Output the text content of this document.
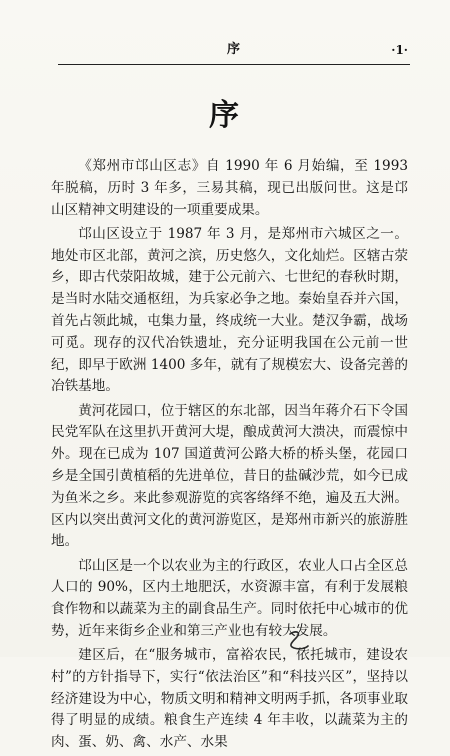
序	·1·
序

《郑州市邙山区志》自 1990 年 6 月始编，至 1993 年脱稿，历时 3 年多，三易其稿，现已出版问世。这是邙山区精神文明建设的一项重要成果。

邙山区设立于 1987 年 3 月，是郑州市六城区之一。地处市区北部，黄河之滨，历史悠久，文化灿烂。区辖古荥乡，即古代荥阳故城，建于公元前六、七世纪的春秋时期，是当时水陆交通枢纽，为兵家必争之地。秦始皇吞并六国，首先占领此城，屯集力量，终成统一大业。楚汉争霸，战场可觅。现存的汉代冶铁遗址，充分证明我国在公元前一世纪，即早于欧洲 1400 多年，就有了规模宏大、设备完善的冶铁基地。

黄河花园口，位于辖区的东北部，因当年蒋介石下令国民党军队在这里扒开黄河大堤，酿成黄河大溃决，而震惊中外。现在已成为 107 国道黄河公路大桥的桥头堡，花园口乡是全国引黄植稻的先进单位，昔日的盐碱沙荒，如今已成为鱼米之乡。来此参观游览的宾客络绎不绝，遍及五大洲。区内以突出黄河文化的黄河游览区，是郑州市新兴的旅游胜地。

邙山区是一个以农业为主的行政区，农业人口占全区总人口的 90%，区内土地肥沃，水资源丰富，有利于发展粮食作物和以蔬菜为主的副食品生产。同时依托中心城市的优势，近年来街乡企业和第三产业也有较大发展。

建区后，在“服务城市，富裕农民，依托城市，建设农村”的方针指导下，实行“依法治区”和“科技兴区”，坚持以经济建设为中心，物质文明和精神文明两手抓，各项事业取得了明显的成绩。粮食生产连续 4 年丰收，以蔬菜为主的肉、蛋、奶、禽、水产、水果
